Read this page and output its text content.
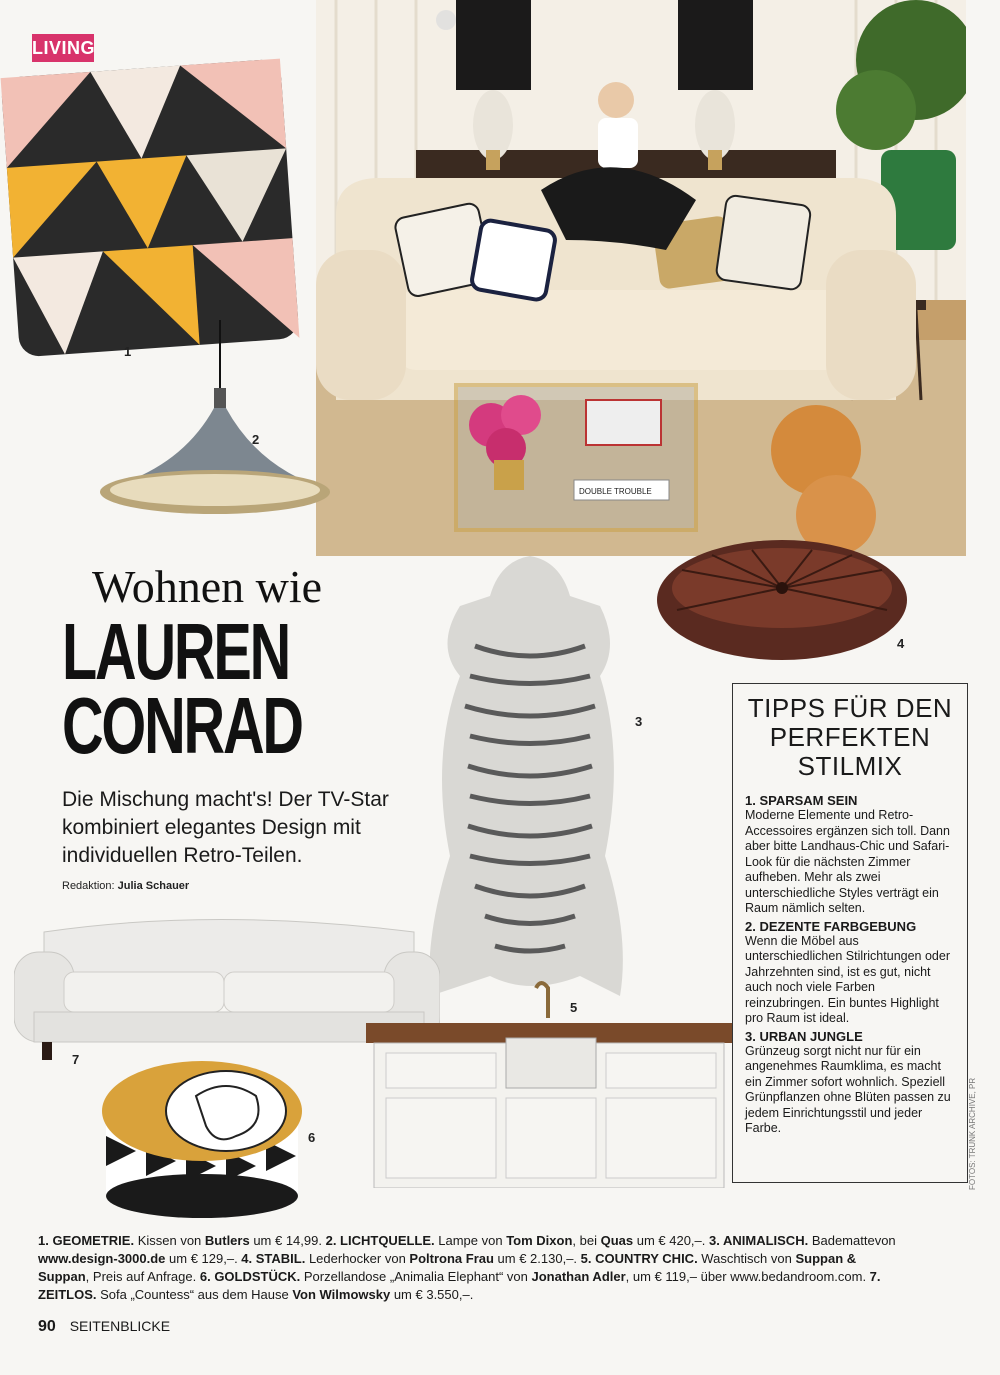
LIVING
DOUBLE TROUBLE
1
2
Wohnen wie
LAUREN
CONRAD
Die Mischung macht's! Der TV-Star kombiniert elegantes Design mit individuellen Retro-Teilen.
Redaktion: Julia Schauer
3
4
7
6
5
TIPPS FÜR DEN PERFEKTEN STILMIX

1. SPARSAM SEIN

Moderne Elemente und Retro-Accessoires ergänzen sich toll. Dann aber bitte Landhaus-Chic und Safari-Look für die nächsten Zimmer aufheben. Mehr als zwei unterschiedliche Styles verträgt ein Raum nämlich selten.

2. DEZENTE FARBGEBUNG

Wenn die Möbel aus unterschiedlichen Stilrichtungen oder Jahrzehnten sind, ist es gut, nicht auch noch viele Farben reinzubringen. Ein buntes Highlight pro Raum ist ideal.

3. URBAN JUNGLE

Grünzeug sorgt nicht nur für ein angenehmes Raumklima, es macht ein Zimmer sofort wohnlich. Speziell Grünpflanzen ohne Blüten passen zu jedem Einrichtungsstil und jeder Farbe.

1. GEOMETRIE. Kissen von Butlers um € 14,99. 2. LICHTQUELLE. Lampe von Tom Dixon, bei Quas um € 420,–. 3. ANIMALISCH. Bademattevon www.design-3000.de um € 129,–. 4. STABIL. Lederhocker von Poltrona Frau um € 2.130,–. 5. COUNTRY CHIC. Waschtisch von Suppan & Suppan, Preis auf Anfrage. 6. GOLDSTÜCK. Porzellandose „Animalia Elephant“ von Jonathan Adler, um € 119,– über www.bedandroom.com. 7. ZEITLOS. Sofa „Countess“ aus dem Hause Von Wilmowsky um € 3.550,–.
FOTOS: TRUNK ARCHIVE, PR
90 SEITENBLICKE
